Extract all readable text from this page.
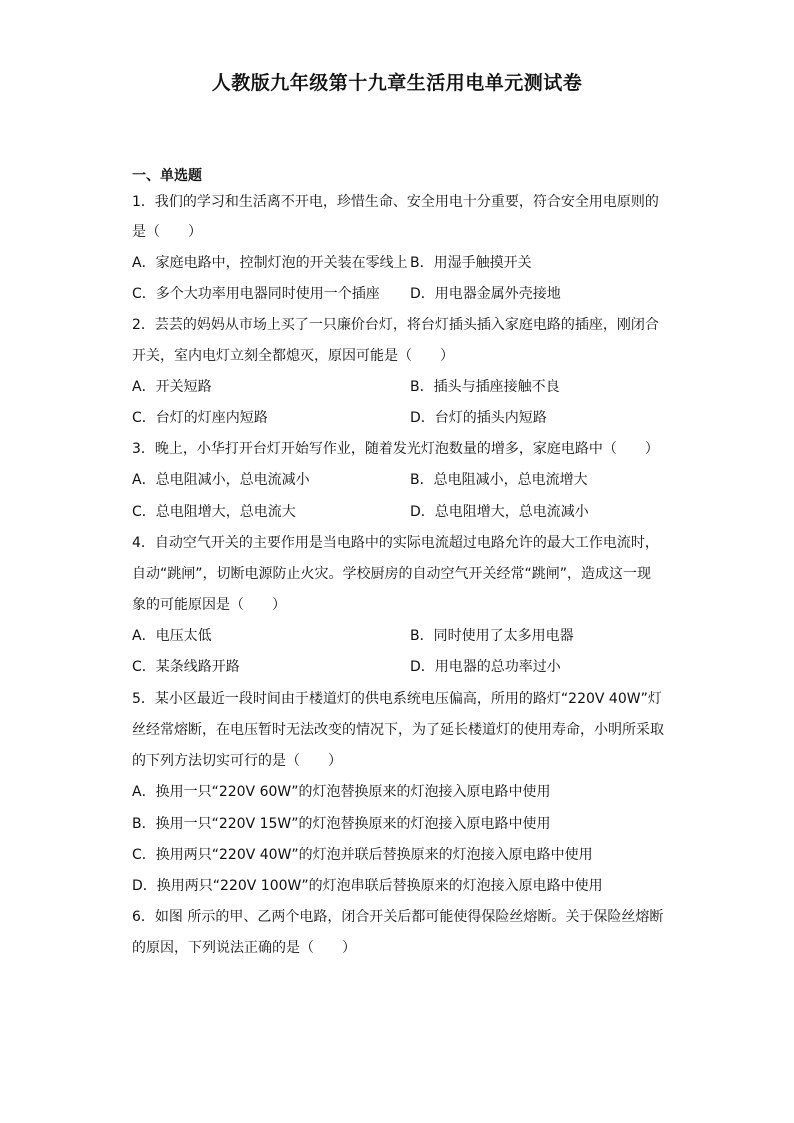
人教版九年级第十九章生活用电单元测试卷
一、单选题
1．我们的学习和生活离不开电，珍惜生命、安全用电十分重要，符合安全用电原则的
是（　　）
A．家庭电路中，控制灯泡的开关装在零线上 B．用湿手触摸开关
C．多个大功率用电器同时使用一个插座 D．用电器金属外壳接地
2．芸芸的妈妈从市场上买了一只廉价台灯，将台灯插头插入家庭电路的插座，刚闭合
开关，室内电灯立刻全都熄灭，原因可能是（　　）
A．开关短路	B．插头与插座接触不良
C．台灯的灯座内短路	D．台灯的插头内短路
3．晚上，小华打开台灯开始写作业，随着发光灯泡数量的增多，家庭电路中（　　）
A．总电阻减小，总电流减小	B．总电阻减小，总电流增大
C．总电阻增大，总电流大	D．总电阻增大，总电流减小
4．自动空气开关的主要作用是当电路中的实际电流超过电路允许的最大工作电流时，
自动“跳闸”，切断电源防止火灾。学校厨房的自动空气开关经常“跳闸”，造成这一现
象的可能原因是（　　）
A．电压太低	B．同时使用了太多用电器
C．某条线路开路	D．用电器的总功率过小
5．某小区最近一段时间由于楼道灯的供电系统电压偏高，所用的路灯“220V 40W”灯
丝经常熔断，在电压暂时无法改变的情况下，为了延长楼道灯的使用寿命，小明所采取
的下列方法切实可行的是（　　）
A．换用一只“220V 60W”的灯泡替换原来的灯泡接入原电路中使用
B．换用一只“220V 15W”的灯泡替换原来的灯泡接入原电路中使用
C．换用两只“220V 40W”的灯泡并联后替换原来的灯泡接入原电路中使用
D．换用两只“220V 100W”的灯泡串联后替换原来的灯泡接入原电路中使用
6．如图 所示的甲、乙两个电路，闭合开关后都可能使得保险丝熔断。关于保险丝熔断
的原因，下列说法正确的是（　　）
